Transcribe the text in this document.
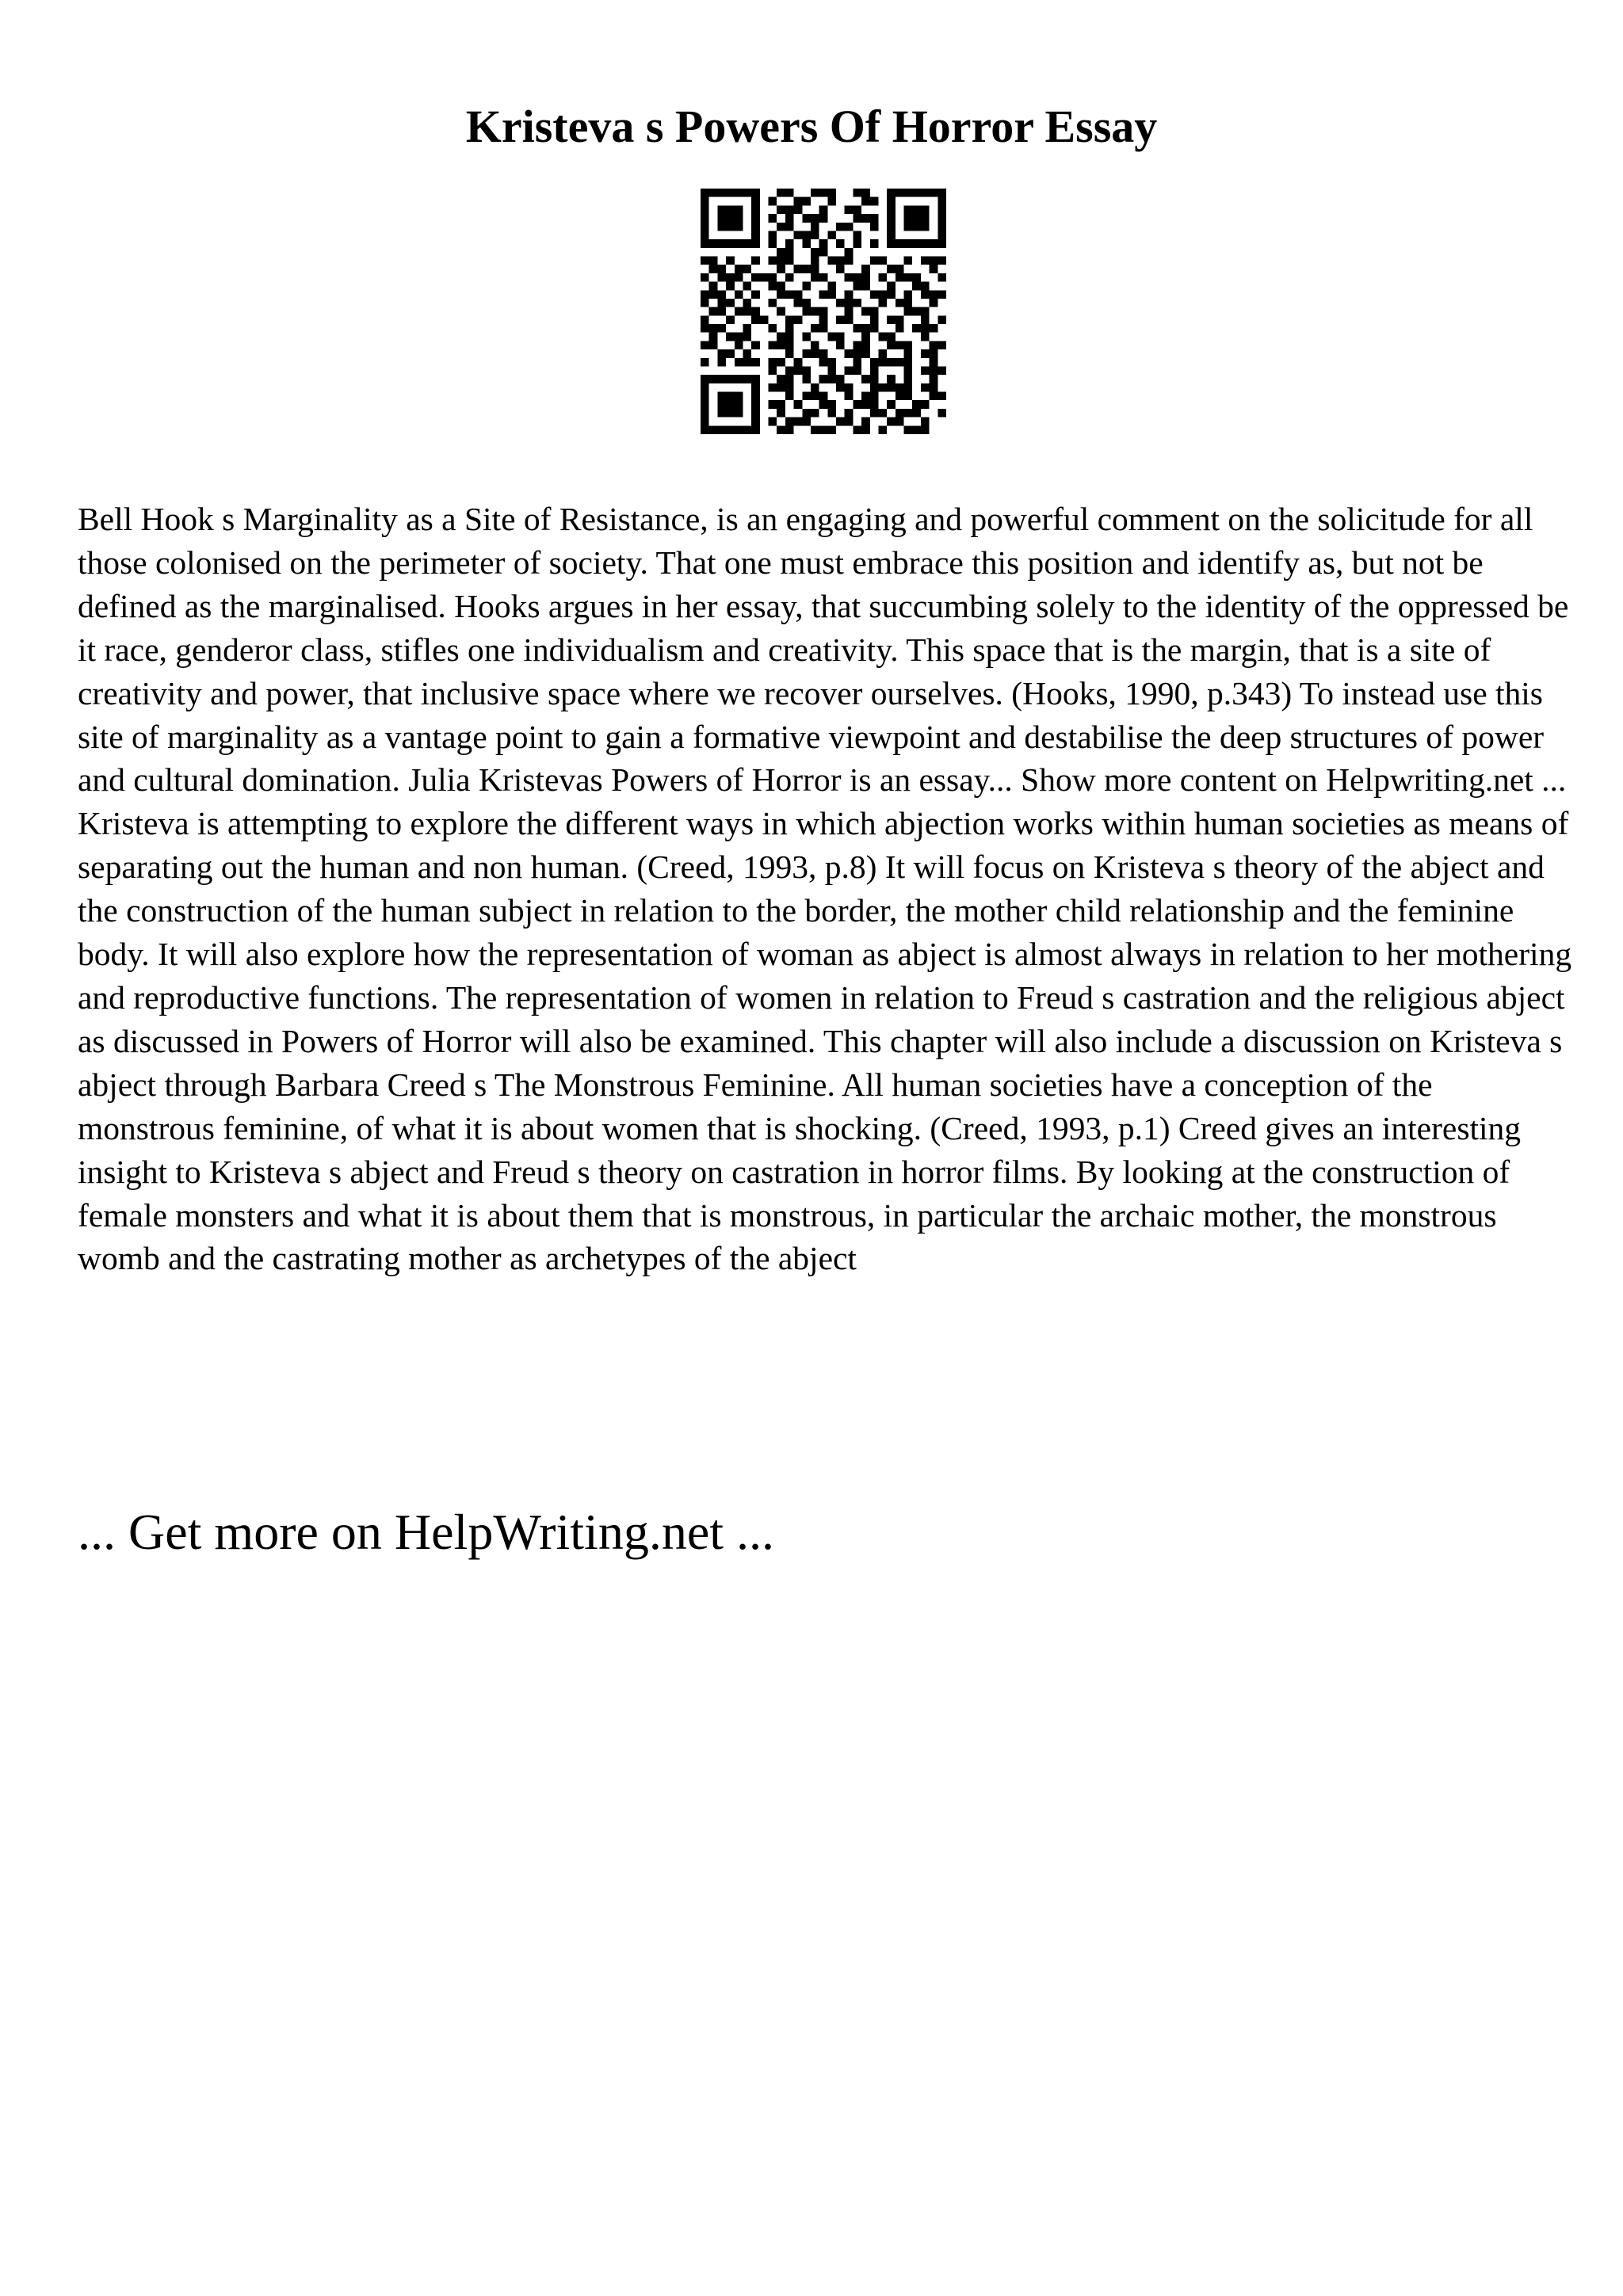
Kristeva s Powers Of Horror Essay

Bell Hook s Marginality as a Site of Resistance, is an engaging and powerful comment on the solicitude for all those colonised on the perimeter of society. That one must embrace this position and identify as, but not be defined as the marginalised. Hooks argues in her essay, that succumbing solely to the identity of the oppressed be it race, genderor class, stifles one individualism and creativity. This space that is the margin, that is a site of creativity and power, that inclusive space where we recover ourselves. (Hooks, 1990, p.343) To instead use this site of marginality as a vantage point to gain a formative viewpoint and destabilise the deep structures of power and cultural domination. Julia Kristevas Powers of Horror is an essay... Show more content on Helpwriting.net ...

Kristeva is attempting to explore the different ways in which abjection works within human societies as means of separating out the human and non human. (Creed, 1993, p.8) It will focus on Kristeva s theory of the abject and the construction of the human subject in relation to the border, the mother child relationship and the feminine body. It will also explore how the representation of woman as abject is almost always in relation to her mothering and reproductive functions. The representation of women in relation to Freud s castration and the religious abject as discussed in Powers of Horror will also be examined. This chapter will also include a discussion on Kristeva s abject through Barbara Creed s The Monstrous Feminine. All human societies have a conception of the monstrous feminine, of what it is about women that is shocking. (Creed, 1993, p.1) Creed gives an interesting insight to Kristeva s abject and Freud s theory on castration in horror films. By looking at the construction of female monsters and what it is about them that is monstrous, in particular the archaic mother, the monstrous womb and the castrating mother as archetypes of the abject

... Get more on HelpWriting.net ...
